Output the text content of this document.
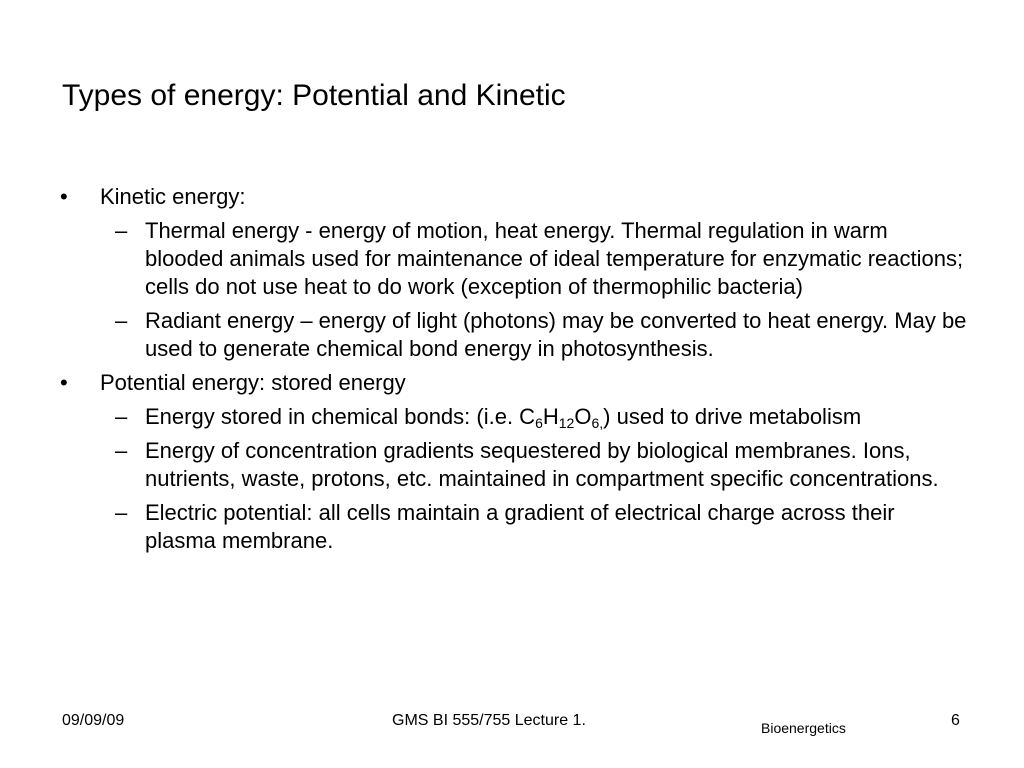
Types of energy: Potential and Kinetic

•	Kinetic energy:

– Thermal energy - energy of motion, heat energy. Thermal regulation in warm blooded animals used for maintenance of ideal temperature for enzymatic reactions; cells do not use heat to do work (exception of thermophilic bacteria)

– Radiant energy – energy of light (photons) may be converted to heat energy. May be used to generate chemical bond energy in photosynthesis.

•	Potential energy: stored energy

– Energy stored in chemical bonds: (i.e. $C_6H_{12}O_{6,}$) used to drive metabolism

– Energy of concentration gradients sequestered by biological membranes. Ions, nutrients, waste, protons, etc. maintained in compartment specific concentrations.

– Electric potential: all cells maintain a gradient of electrical charge across their plasma membrane.

09/09/09	GMS BI 555/755 Lecture 1.	Bioenergetics	6
